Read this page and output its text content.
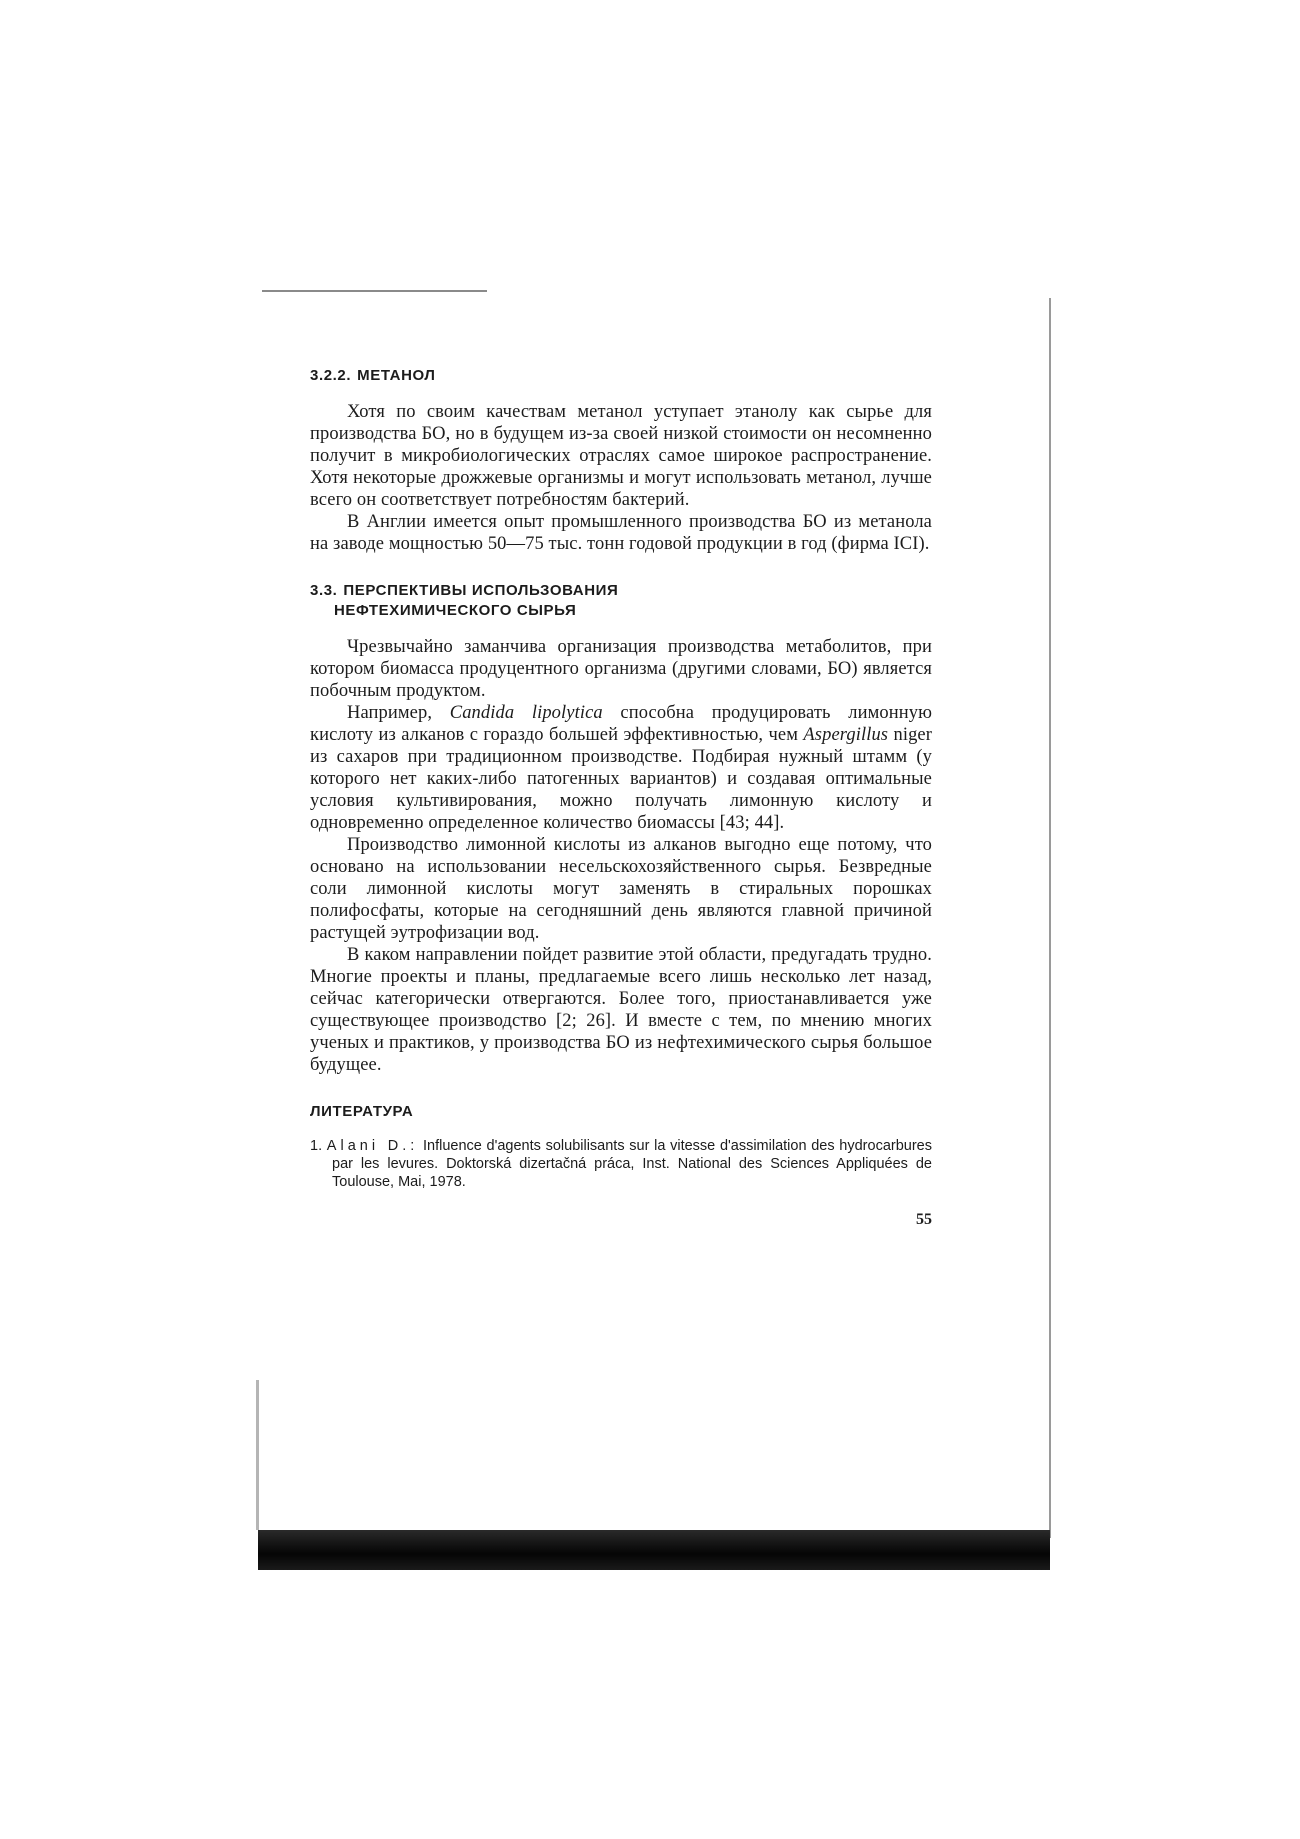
3.2.2. МЕТАНОЛ

Хотя по своим качествам метанол уступает этанолу как сырье для производства БО, но в будущем из-за своей низкой стоимости он несомненно получит в микробиологических отраслях самое широкое распространение. Хотя некоторые дрожжевые организмы и могут использовать метанол, лучше всего он соответствует потребностям бактерий.

В Англии имеется опыт промышленного производства БО из метанола на заводе мощностью 50—75 тыс. тонн годовой продукции в год (фирма ICI).

3.3. ПЕРСПЕКТИВЫ ИСПОЛЬЗОВАНИЯ
НЕФТЕХИМИЧЕСКОГО СЫРЬЯ

Чрезвычайно заманчива организация производства метаболитов, при котором биомасса продуцентного организма (другими словами, БО) является побочным продуктом.

Например, Candida lipolytica способна продуцировать лимонную кислоту из алканов с гораздо большей эффективностью, чем Aspergillus niger из сахаров при традиционном производстве. Подбирая нужный штамм (у которого нет каких-либо патогенных вариантов) и создавая оптимальные условия культивирования, можно получать лимонную кислоту и одновременно определенное количество биомассы [43; 44].

Производство лимонной кислоты из алканов выгодно еще потому, что основано на использовании несельскохозяйственного сырья. Безвредные соли лимонной кислоты могут заменять в стиральных порошках полифосфаты, которые на сегодняшний день являются главной причиной растущей эутрофизации вод.

В каком направлении пойдет развитие этой области, предугадать трудно. Многие проекты и планы, предлагаемые всего лишь несколько лет назад, сейчас категорически отвергаются. Более того, приостанавливается уже существующее производство [2; 26]. И вместе с тем, по мнению многих ученых и практиков, у производства БО из нефтехимического сырья большое будущее.

ЛИТЕРАТУРА

1. Alani D.: Influence d'agents solubilisants sur la vitesse d'assimilation des hydrocarbures par les levures. Doktorská dizertačná práca, Inst. National des Sciences Appliquées de Toulouse, Mai, 1978.

55
